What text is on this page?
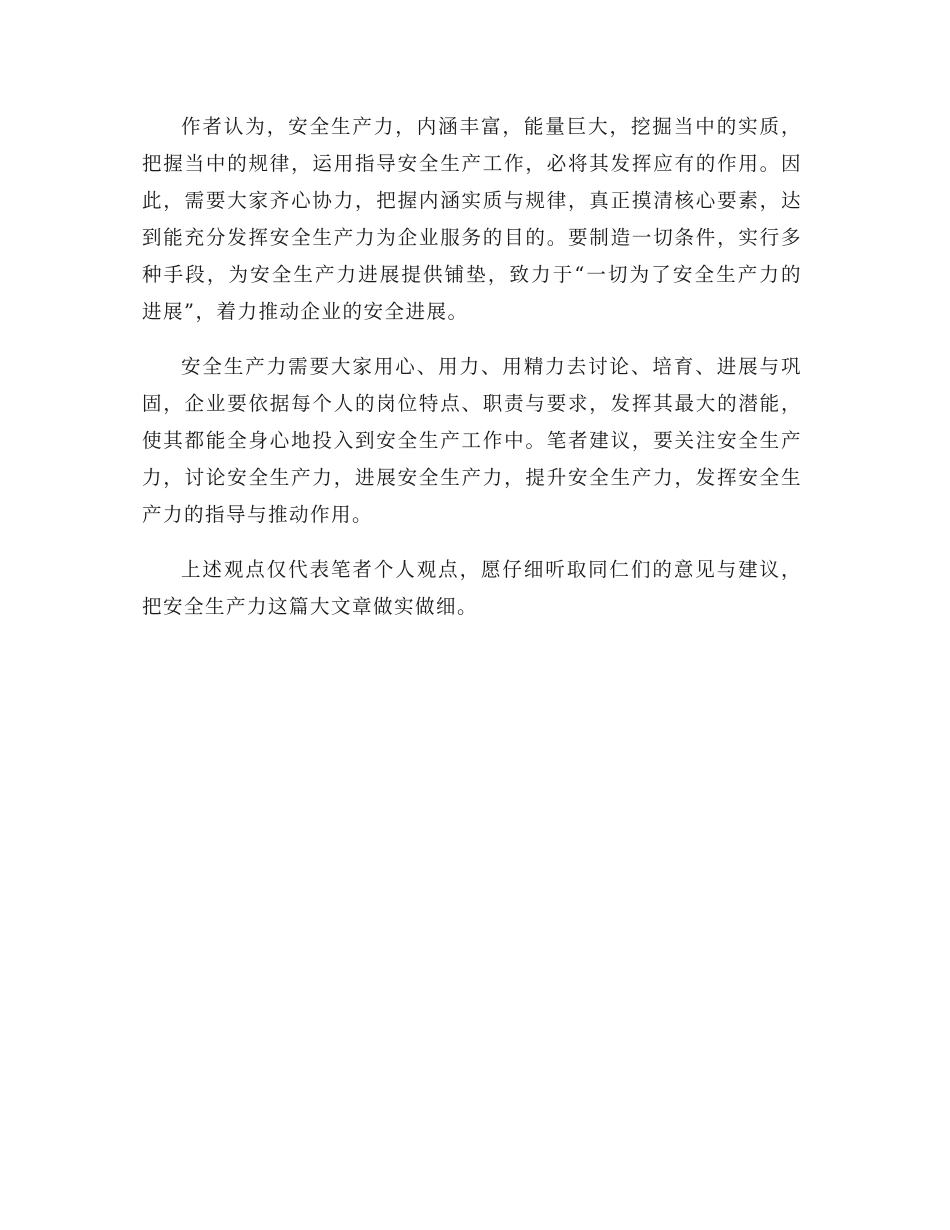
作者认为，安全生产力，内涵丰富，能量巨大，挖掘当中的实质，把握当中的规律，运用指导安全生产工作，必将其发挥应有的作用。因此，需要大家齐心协力，把握内涵实质与规律，真正摸清核心要素，达到能充分发挥安全生产力为企业服务的目的。要制造一切条件，实行多种手段，为安全生产力进展提供铺垫，致力于“一切为了安全生产力的进展”，着力推动企业的安全进展。

安全生产力需要大家用心、用力、用精力去讨论、培育、进展与巩固，企业要依据每个人的岗位特点、职责与要求，发挥其最大的潜能，使其都能全身心地投入到安全生产工作中。笔者建议，要关注安全生产力，讨论安全生产力，进展安全生产力，提升安全生产力，发挥安全生产力的指导与推动作用。

上述观点仅代表笔者个人观点，愿仔细听取同仁们的意见与建议，把安全生产力这篇大文章做实做细。
